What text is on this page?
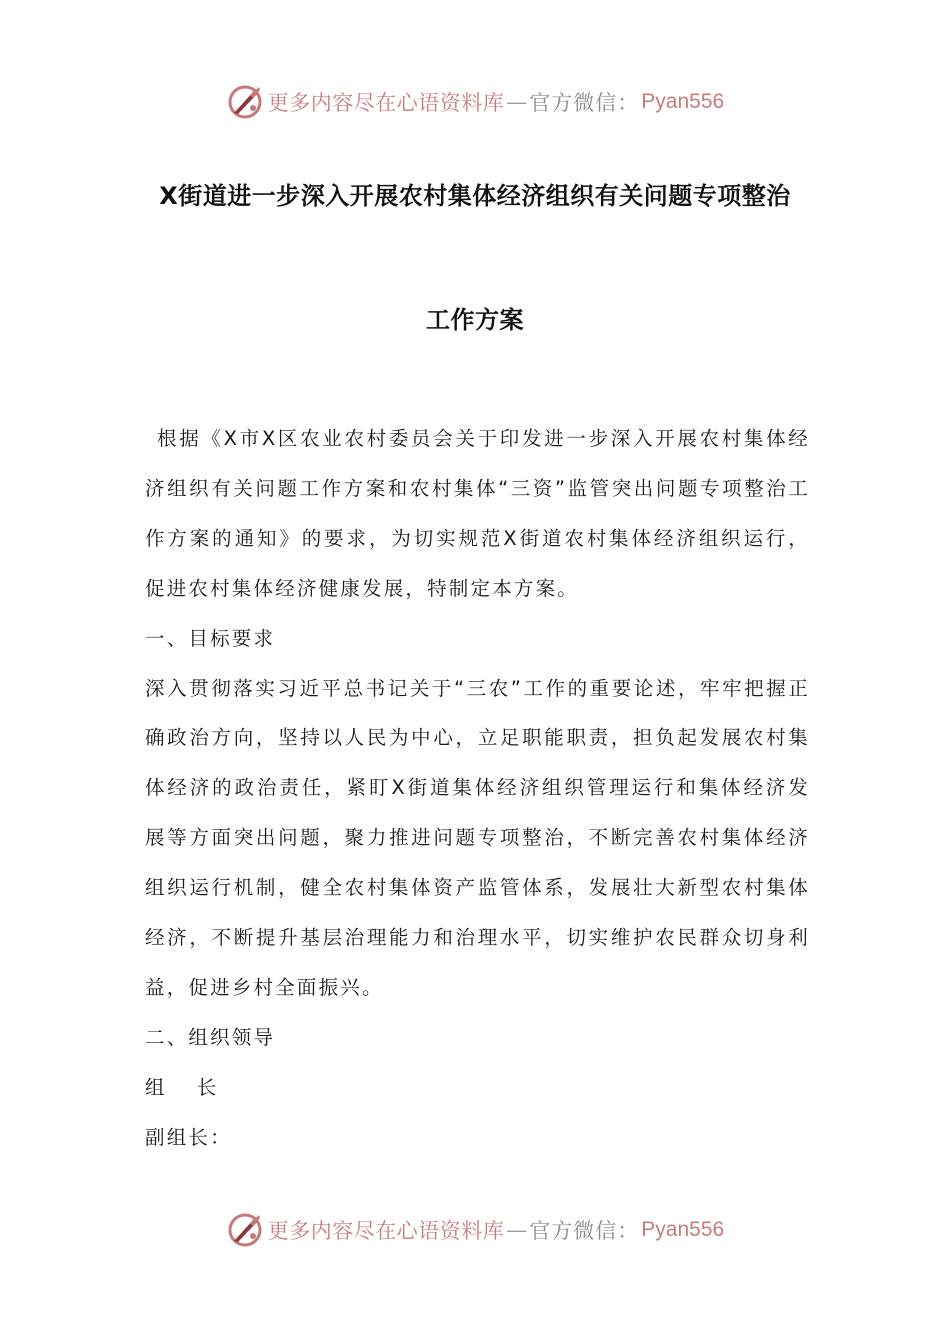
更多内容尽在心语资料库 — 官方微信： Pyan556
X街道进一步深入开展农村集体经济组织有关问题专项整治
工作方案

根据《X市X区农业农村委员会关于印发进一步深入开展农村集体经济组织有关问题工作方案和农村集体“三资”监管突出问题专项整治工作方案的通知》的要求，为切实规范X街道农村集体经济组织运行，促进农村集体经济健康发展，特制定本方案。

一、目标要求

深入贯彻落实习近平总书记关于“三农”工作的重要论述，牢牢把握正确政治方向，坚持以人民为中心，立足职能职责，担负起发展农村集体经济的政治责任，紧盯X街道集体经济组织管理运行和集体经济发展等方面突出问题，聚力推进问题专项整治，不断完善农村集体经济组织运行机制，健全农村集体资产监管体系，发展壮大新型农村集体经济，不断提升基层治理能力和治理水平，切实维护农民群众切身利益，促进乡村全面振兴。

二、组织领导

组 长

副组长：

更多内容尽在心语资料库 — 官方微信： Pyan556
